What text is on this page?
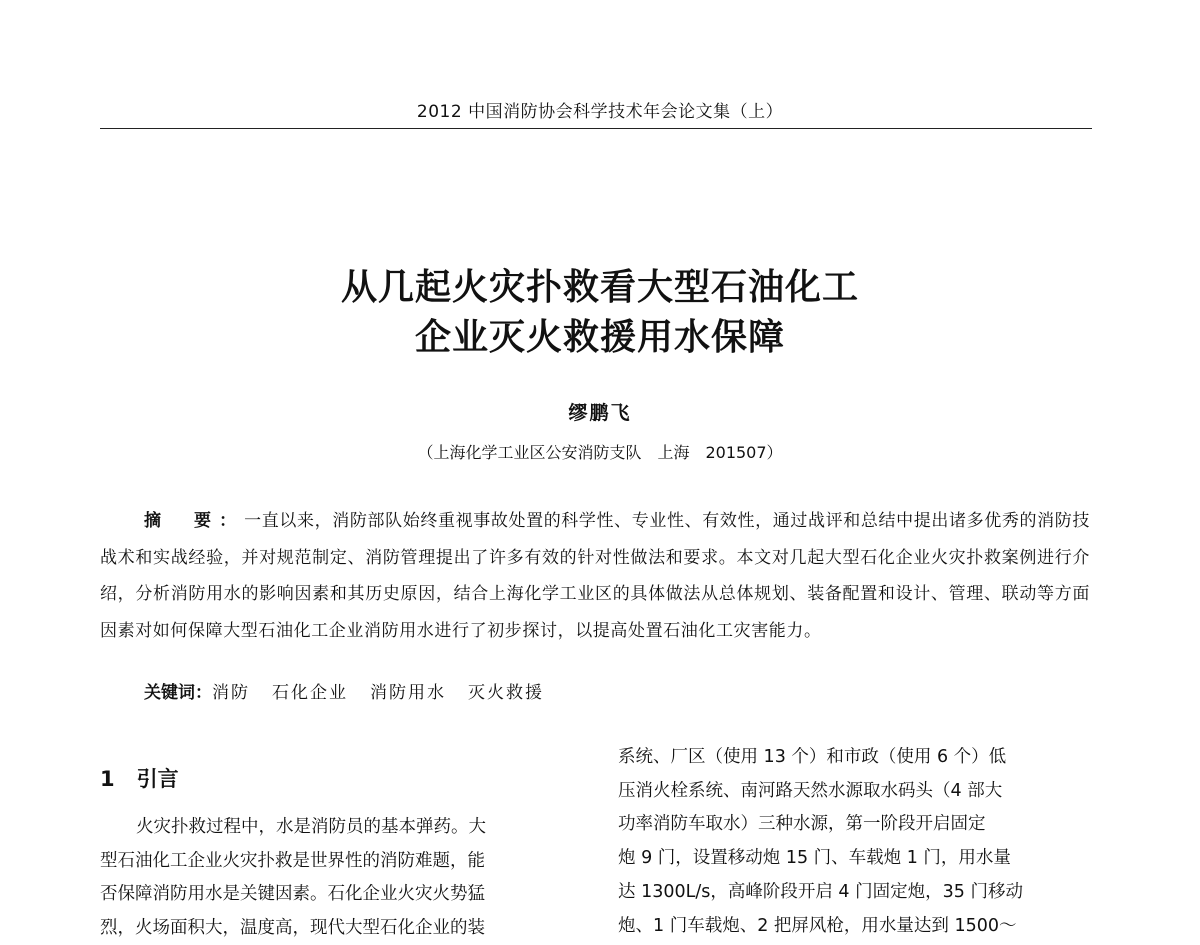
2012 中国消防协会科学技术年会论文集（上）
从几起火灾扑救看大型石油化工
企业灭火救援用水保障
缪鹏飞
（上海化学工业区公安消防支队　上海　201507）
摘　要：一直以来，消防部队始终重视事故处置的科学性、专业性、有效性，通过战评和总结中提出诸多优秀的消防技战术和实战经验，并对规范制定、消防管理提出了许多有效的针对性做法和要求。本文对几起大型石化企业火灾扑救案例进行介绍，分析消防用水的影响因素和其历史原因，结合上海化学工业区的具体做法从总体规划、装备配置和设计、管理、联动等方面因素对如何保障大型石油化工企业消防用水进行了初步探讨，以提高处置石油化工灾害能力。
关键词：消防 石化企业 消防用水 灭火救援
1 引言
火灾扑救过程中，水是消防员的基本弹药。大
型石油化工企业火灾扑救是世界性的消防难题，能
否保障消防用水是关键因素。石化企业火灾火势猛
烈，火场面积大，温度高，现代大型石化企业的装
系统、厂区（使用 13 个）和市政（使用 6 个）低
压消火栓系统、南河路天然水源取水码头（4 部大
功率消防车取水）三种水源，第一阶段开启固定
炮 9 门，设置移动炮 15 门、车载炮 1 门，用水量
达 1300L/s，高峰阶段开启 4 门固定炮，35 门移动
炮、1 门车载炮、2 把屏风枪，用水量达到 1500～
